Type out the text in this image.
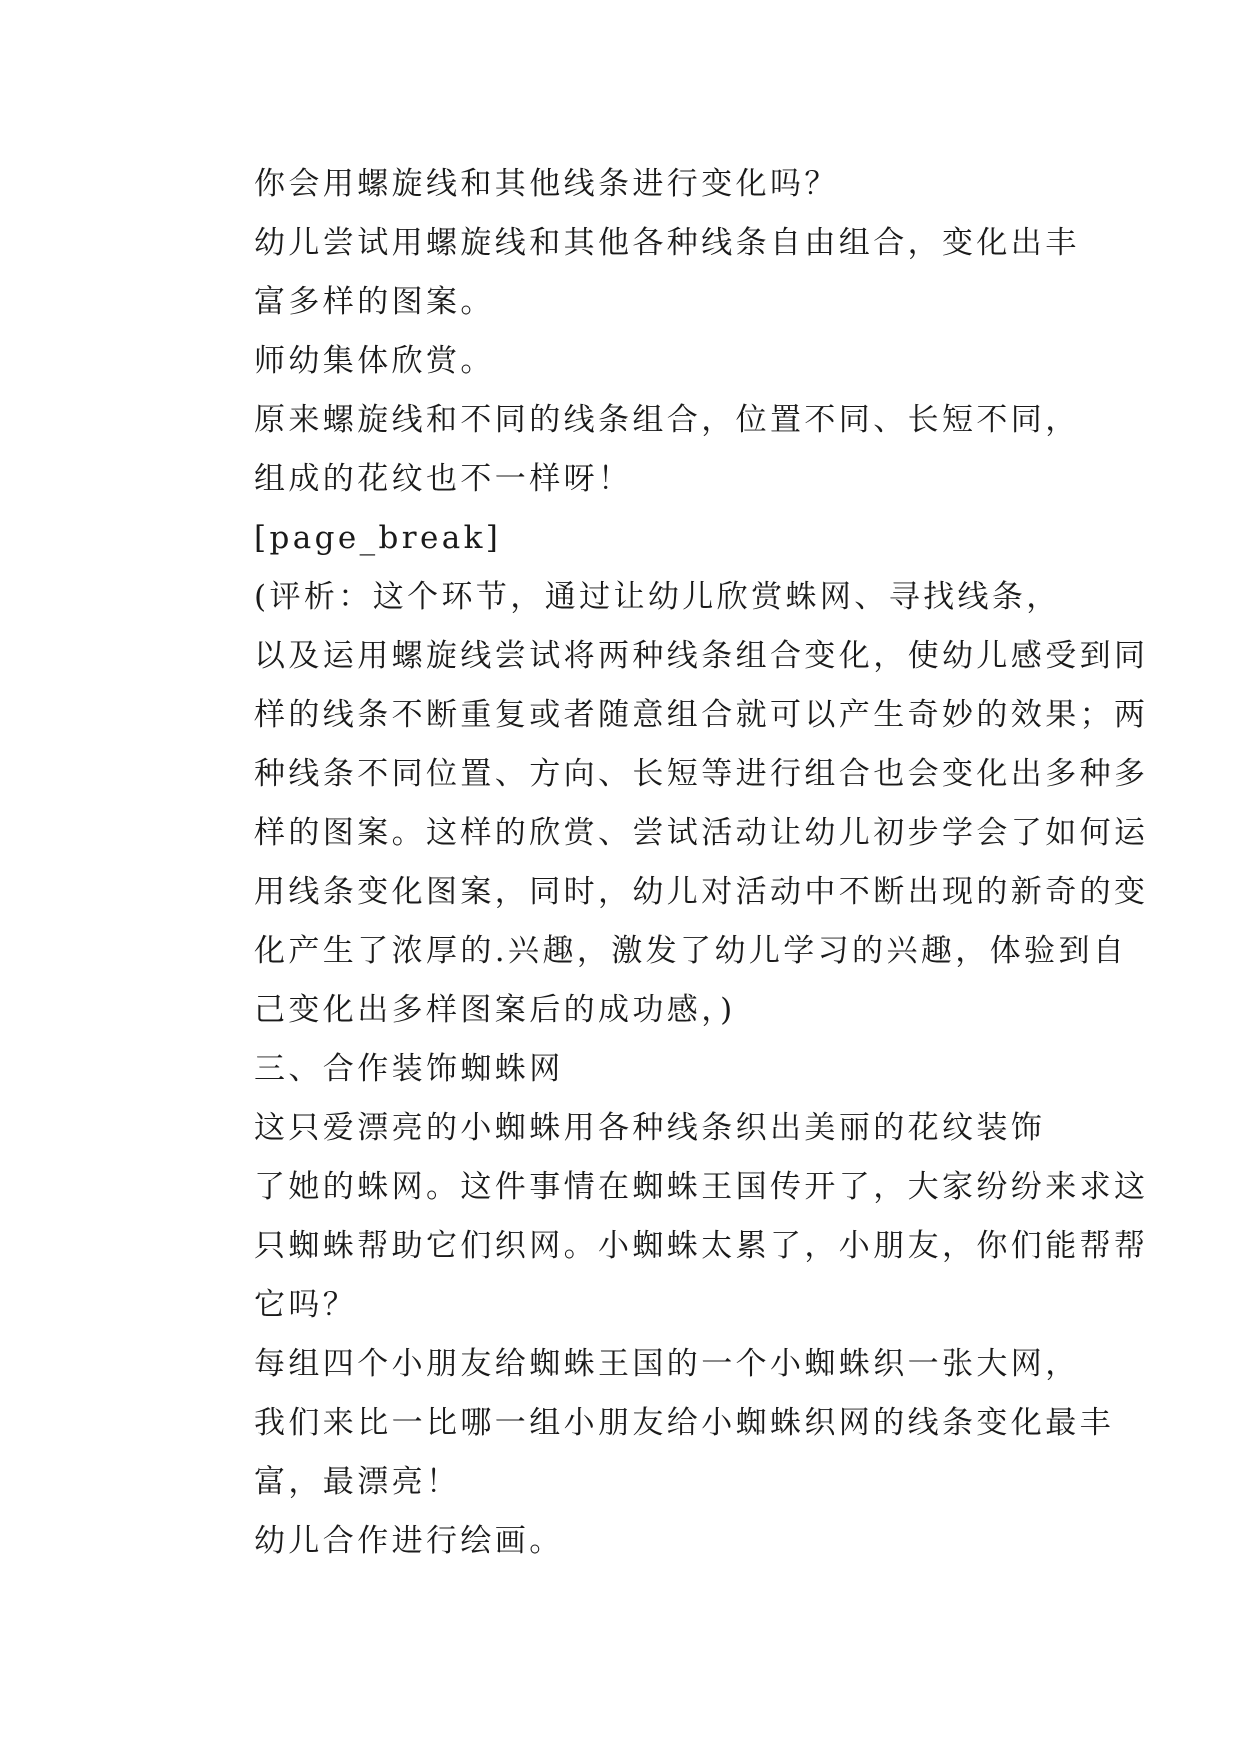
你会用螺旋线和其他线条进行变化吗？

幼儿尝试用螺旋线和其他各种线条自由组合，变化出丰
富多样的图案。

师幼集体欣赏。

原来螺旋线和不同的线条组合，位置不同、长短不同，
组成的花纹也不一样呀！

[page_break]

(评析：这个环节，通过让幼儿欣赏蛛网、寻找线条，
以及运用螺旋线尝试将两种线条组合变化，使幼儿感受到同
样的线条不断重复或者随意组合就可以产生奇妙的效果；两
种线条不同位置、方向、长短等进行组合也会变化出多种多
样的图案。这样的欣赏、尝试活动让幼儿初步学会了如何运
用线条变化图案，同时，幼儿对活动中不断出现的新奇的变
化产生了浓厚的.兴趣，激发了幼儿学习的兴趣，体验到自
己变化出多样图案后的成功感，)

三、合作装饰蜘蛛网

这只爱漂亮的小蜘蛛用各种线条织出美丽的花纹装饰
了她的蛛网。这件事情在蜘蛛王国传开了，大家纷纷来求这
只蜘蛛帮助它们织网。小蜘蛛太累了，小朋友，你们能帮帮
它吗？

每组四个小朋友给蜘蛛王国的一个小蜘蛛织一张大网，
我们来比一比哪一组小朋友给小蜘蛛织网的线条变化最丰
富，最漂亮！

幼儿合作进行绘画。
